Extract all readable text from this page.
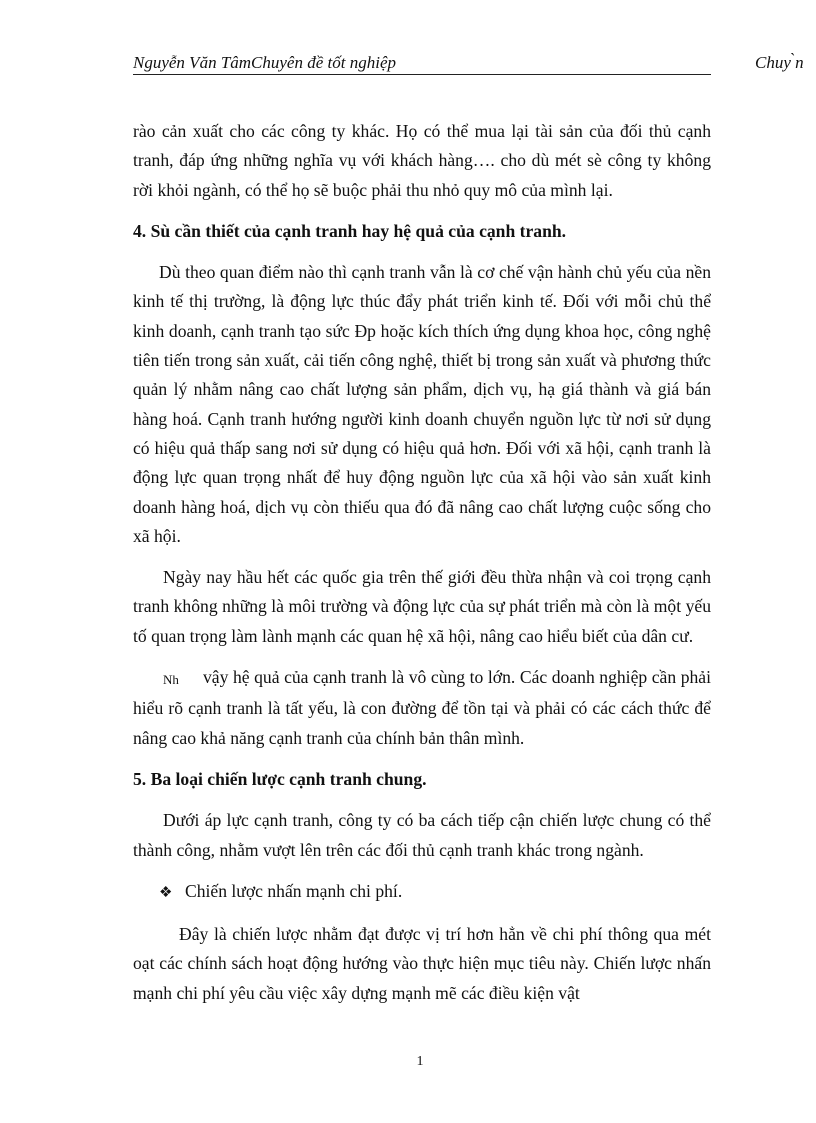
Nguyễn Văn TâmChuyên đề tốt nghiệp	Chuy ̀n

rào cản xuất cho các công ty khác. Họ có thể mua lại tài sản của đối thủ cạnh tranh, đáp ứng những nghĩa vụ với khách hàng…. cho dù mét sè công ty không rời khỏi ngành, có thể họ sẽ buộc phải thu nhỏ quy mô của mình lại.

4. Sù cần thiết của cạnh tranh hay hệ quả của cạnh tranh.

Dù theo quan điểm nào thì cạnh tranh vẫn là cơ chế vận hành chủ yếu của nền kinh tế thị trường, là động lực thúc đẩy phát triển kinh tế. Đối với mỗi chủ thể kinh doanh, cạnh tranh tạo sức Ðp hoặc kích thích ứng dụng khoa học, công nghệ tiên tiến trong sản xuất, cải tiến công nghệ, thiết bị trong sản xuất và phương thức quản lý nhằm nâng cao chất lượng sản phẩm, dịch vụ, hạ giá thành và giá bán hàng hoá. Cạnh tranh hướng người kinh doanh chuyển nguồn lực từ nơi sử dụng có hiệu quả thấp sang nơi sử dụng có hiệu quả hơn. Đối với xã hội, cạnh tranh là động lực quan trọng nhất để huy động nguồn lực của xã hội vào sản xuất kinh doanh hàng hoá, dịch vụ còn thiếu qua đó đã nâng cao chất lượng cuộc sống cho xã hội.

Ngày nay hầu hết các quốc gia trên thế giới đều thừa nhận và coi trọng cạnh tranh không những là môi trường và động lực của sự phát triển mà còn là một yếu tố quan trọng làm lành mạnh các quan hệ xã hội, nâng cao hiểu biết của dân cư.

Nh vậy hệ quả của cạnh tranh là vô cùng to lớn. Các doanh nghiệp cần phải hiểu rõ cạnh tranh là tất yếu, là con đường để tồn tại và phải có các cách thức để nâng cao khả năng cạnh tranh của chính bản thân mình.

5. Ba loại chiến lược cạnh tranh chung.

Dưới áp lực cạnh tranh, công ty có ba cách tiếp cận chiến lược chung có thể thành công, nhằm vượt lên trên các đối thủ cạnh tranh khác trong ngành.

❖ Chiến lược nhấn mạnh chi phí.

Đây là chiến lược nhằm đạt được vị trí hơn hẳn về chi phí thông qua mét oạt các chính sách hoạt động hướng vào thực hiện mục tiêu này. Chiến lược nhấn mạnh chi phí yêu cầu việc xây dựng mạnh mẽ các điều kiện vật

1
